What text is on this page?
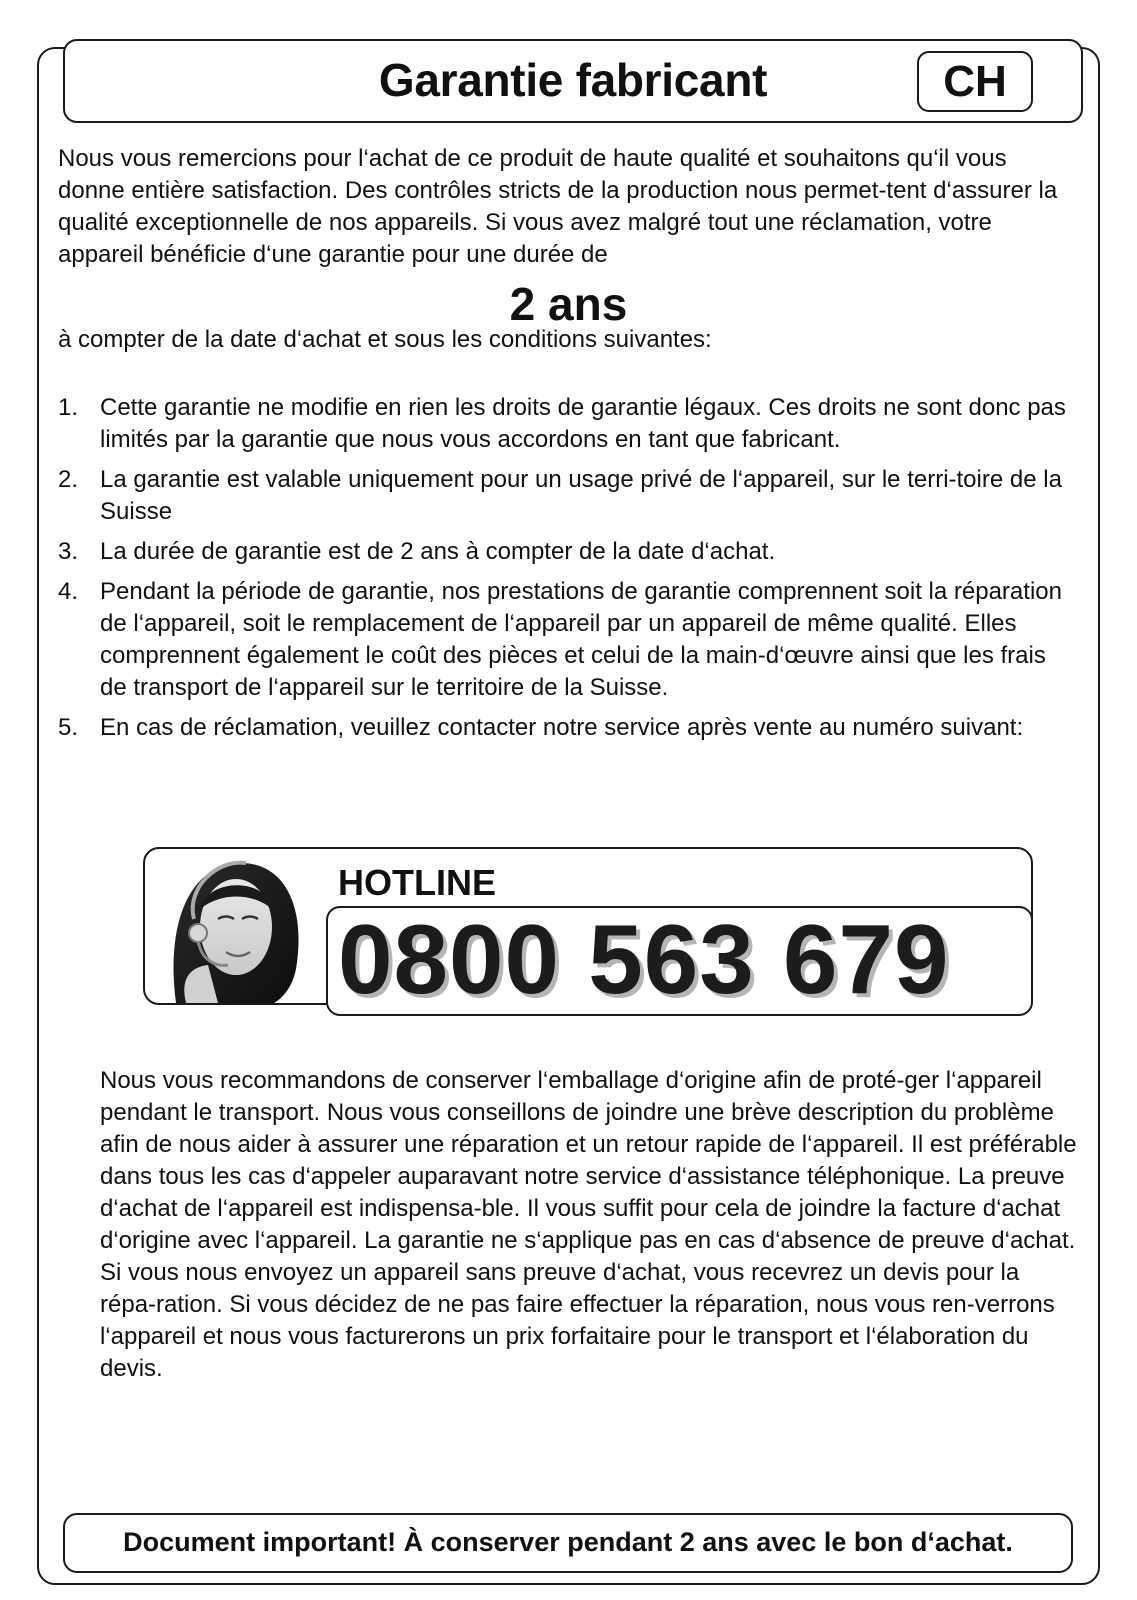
Garantie fabricant	CH
Nous vous remercions pour l‘achat de ce produit de haute qualité et souhaitons qu‘il vous donne entière satisfaction. Des contrôles stricts de la production nous permet-tent d‘assurer la qualité exceptionnelle de nos appareils. Si vous avez malgré tout une réclamation, votre appareil bénéficie d‘une garantie pour une durée de
2 ans
à compter de la date d‘achat et sous les conditions suivantes:
1. Cette garantie ne modifie en rien les droits de garantie légaux. Ces droits ne sont donc pas limités par la garantie que nous vous accordons en tant que fabricant.
2. La garantie est valable uniquement pour un usage privé de l‘appareil, sur le terri-toire de la Suisse
3. La durée de garantie est de 2 ans à compter de la date d‘achat.
4. Pendant la période de garantie, nos prestations de garantie comprennent soit la réparation de l‘appareil, soit le remplacement de l‘appareil par un appareil de même qualité. Elles comprennent également le coût des pièces et celui de la main-d‘œuvre ainsi que les frais de transport de l‘appareil sur le territoire de la Suisse.
5. En cas de réclamation, veuillez contacter notre service après vente au numéro suivant:
HOTLINE
0800 563 679
Nous vous recommandons de conserver l‘emballage d‘origine afin de proté-ger l‘appareil pendant le transport. Nous vous conseillons de joindre une brève description du problème afin de nous aider à assurer une réparation et un retour rapide de l‘appareil. Il est préférable dans tous les cas d‘appeler auparavant notre service d‘assistance téléphonique. La preuve d‘achat de l‘appareil est indispensa-ble. Il vous suffit pour cela de joindre la facture d‘achat d‘origine avec l‘appareil. La garantie ne s‘applique pas en cas d‘absence de preuve d‘achat. Si vous nous envoyez un appareil sans preuve d‘achat, vous recevrez un devis pour la répa-ration. Si vous décidez de ne pas faire effectuer la réparation, nous vous ren-verrons l‘appareil et nous vous facturerons un prix forfaitaire pour le transport et l‘élaboration du devis.
Document important! À conserver pendant 2 ans avec le bon d‘achat.
